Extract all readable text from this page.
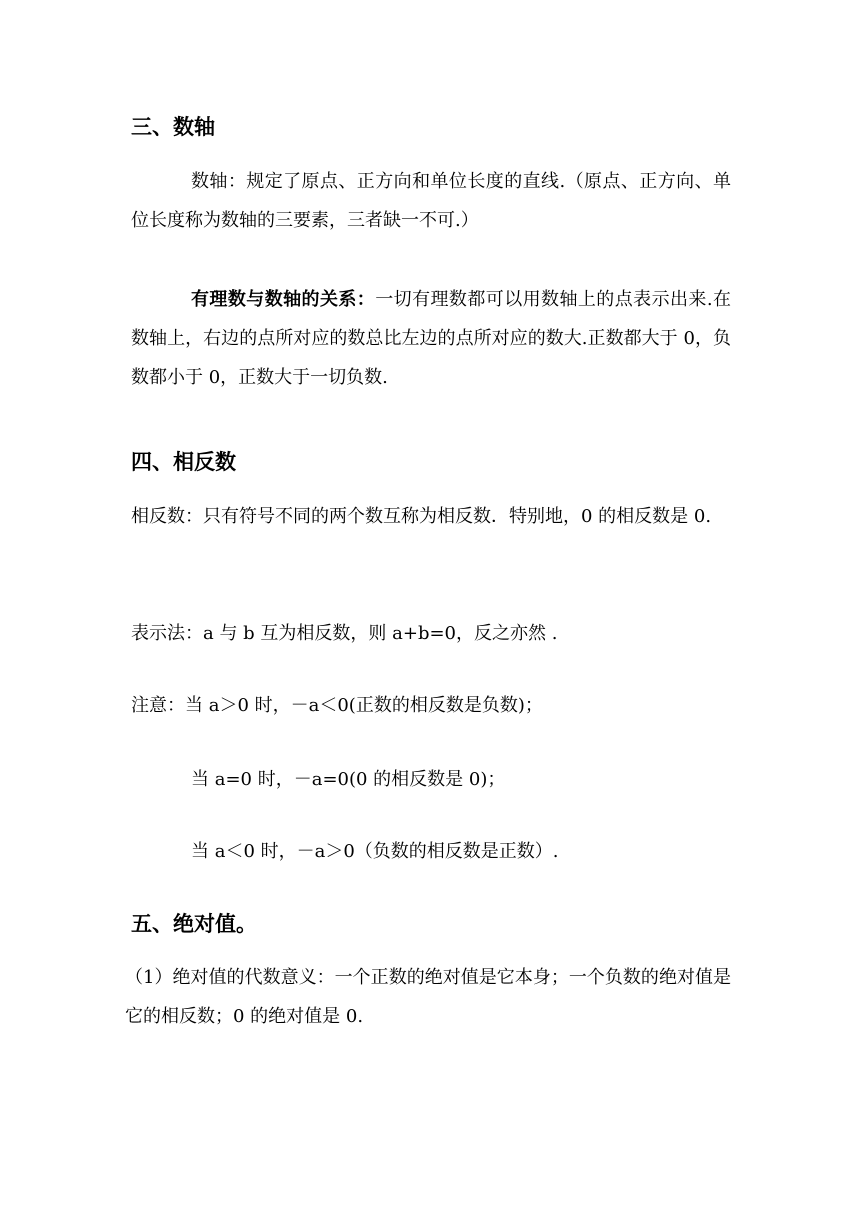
三、数轴

数轴：规定了原点、正方向和单位长度的直线.（原点、正方向、单位长度称为数轴的三要素，三者缺一不可.）

有理数与数轴的关系：一切有理数都可以用数轴上的点表示出来.在数轴上，右边的点所对应的数总比左边的点所对应的数大.正数都大于 0，负数都小于 0，正数大于一切负数.

四、相反数

相反数：只有符号不同的两个数互称为相反数．特别地，0 的相反数是 0.

表示法：a 与 b 互为相反数，则 a+b=0，反之亦然 .

注意：当 a＞0 时，－a＜0(正数的相反数是负数)；

当 a=0 时，－a=0(0 的相反数是 0)；

当 a＜0 时，－a＞0（负数的相反数是正数）.

五、绝对值。

（1）绝对值的代数意义：一个正数的绝对值是它本身；一个负数的绝对值是它的相反数；0 的绝对值是 0.
